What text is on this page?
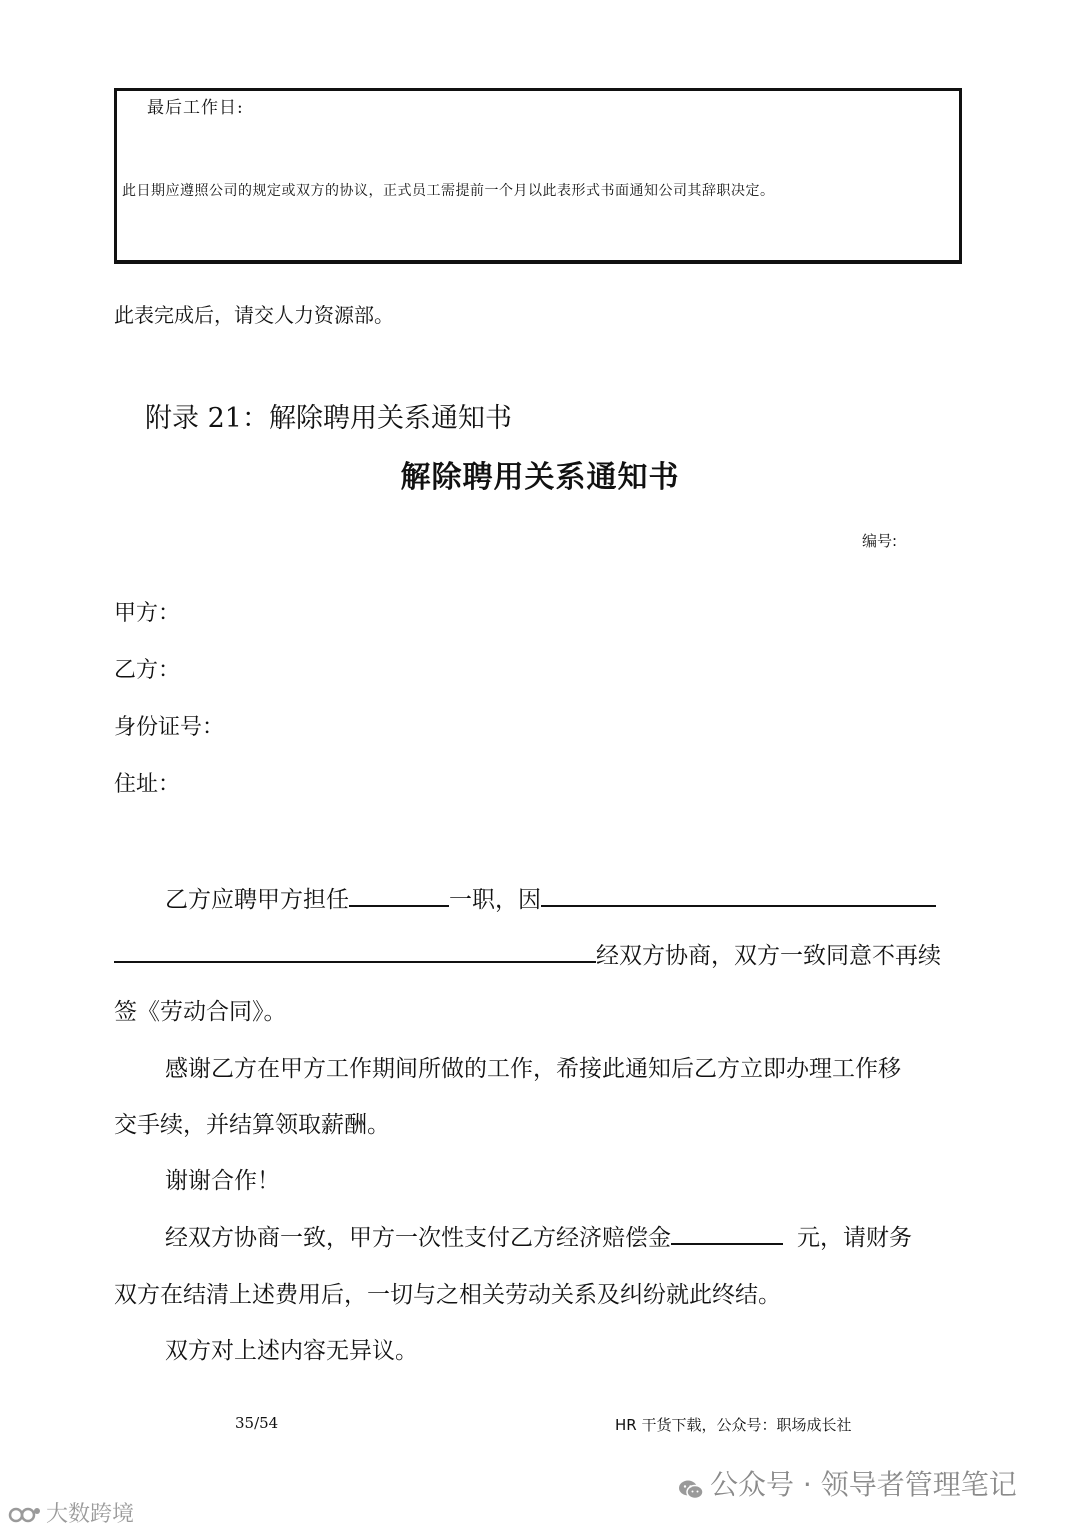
最后工作日:
此日期应遵照公司的规定或双方的协议，正式员工需提前一个月以此表形式书面通知公司其辞职决定。
此表完成后，请交人力资源部。
附录 21：解除聘用关系通知书
解除聘用关系通知书
编号:
甲方：
乙方：
身份证号：
住址：
乙方应聘甲方担任	一职，因
经双方协商，双方一致同意不再续
签《劳动合同》。
感谢乙方在甲方工作期间所做的工作，希接此通知后乙方立即办理工作移
交手续，并结算领取薪酬。
谢谢合作！
经双方协商一致，甲方一次性支付乙方经济赔偿金	元，请财务
双方在结清上述费用后，一切与之相关劳动关系及纠纷就此终结。
双方对上述内容无异议。
35/54	HR 干货下载，公众号：职场成长社
公众号 · 领导者管理笔记
大数跨境
